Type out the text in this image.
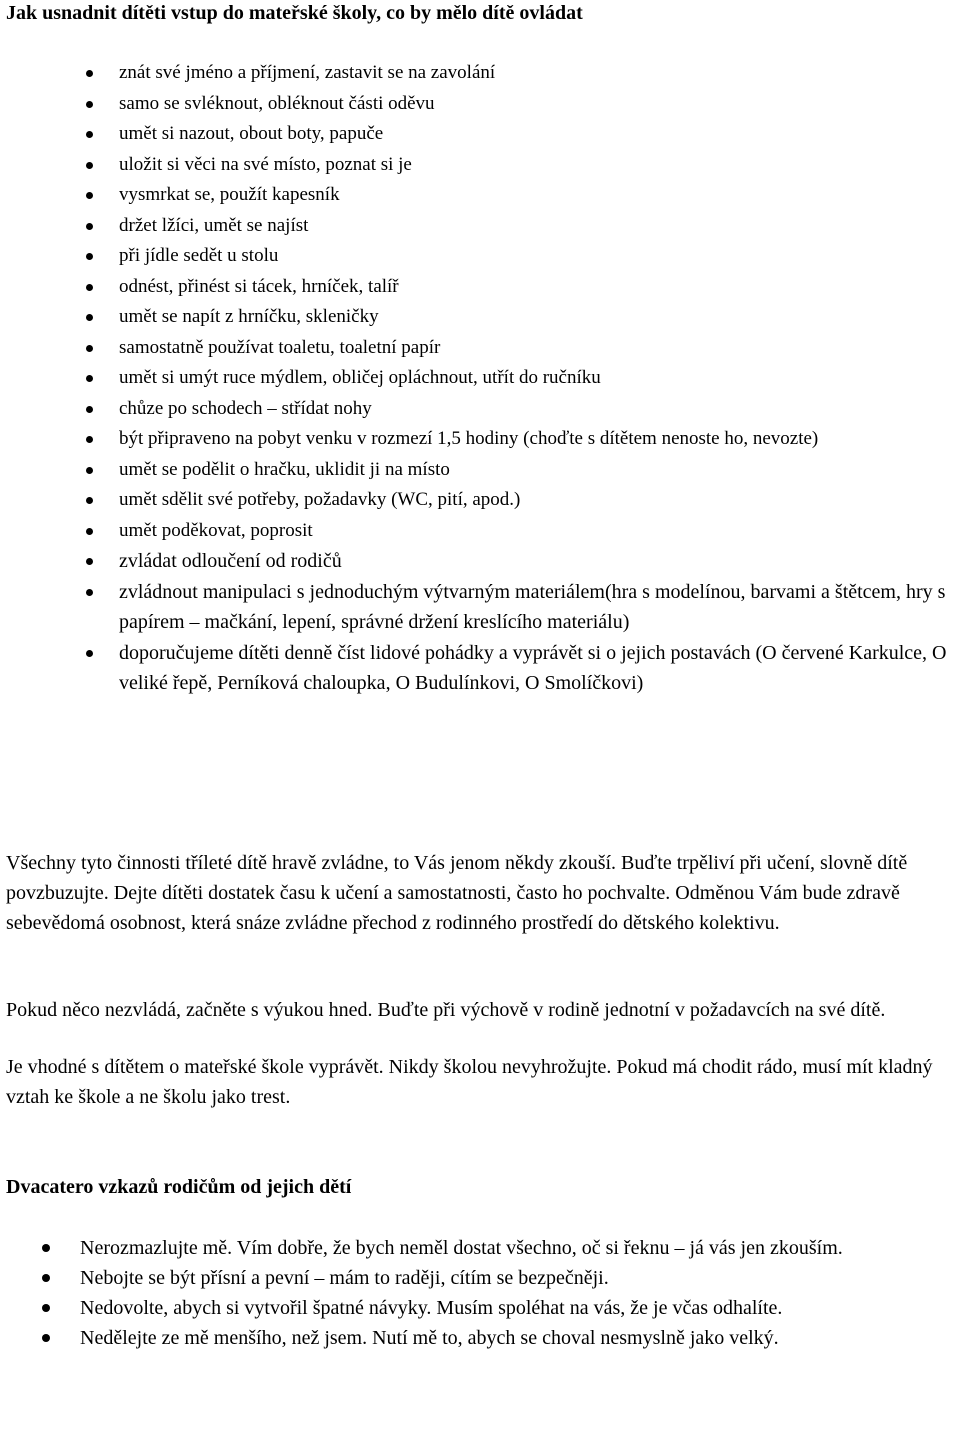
Jak usnadnit dítěti vstup do mateřské školy, co by mělo dítě ovládat
znát své jméno a příjmení, zastavit se na zavolání
samo se svléknout, obléknout části oděvu
umět si nazout, obout boty, papuče
uložit si věci na své místo, poznat si je
vysmrkat se, použít kapesník
držet lžíci, umět se najíst
při jídle sedět u stolu
odnést, přinést si tácek, hrníček, talíř
umět se napít z hrníčku, skleničky
samostatně používat toaletu, toaletní papír
umět si umýt ruce mýdlem, obličej opláchnout, utřít do ručníku
chůze po schodech – střídat nohy
být připraveno na pobyt venku v rozmezí 1,5 hodiny (choďte s dítětem nenoste ho, nevozte)
umět se podělit o hračku, uklidit ji na místo
umět sdělit své potřeby, požadavky (WC, pití, apod.)
umět poděkovat, poprosit
zvládat odloučení od rodičů
zvládnout manipulaci s jednoduchým výtvarným materiálem(hra s modelínou, barvami a štětcem, hry s papírem – mačkání, lepení, správné držení kreslícího materiálu)
doporučujeme dítěti denně číst lidové pohádky a vyprávět si o jejich postavách (O červené Karkulce, O veliké řepě, Perníková chaloupka, O Budulínkovi, O Smolíčkovi)

Všechny tyto činnosti tříleté dítě hravě zvládne, to Vás jenom někdy zkouší. Buďte trpěliví při učení, slovně dítě povzbuzujte. Dejte dítěti dostatek času k učení a samostatnosti, často ho pochvalte. Odměnou Vám bude zdravě sebevědomá osobnost, která snáze zvládne přechod z rodinného prostředí do dětského kolektivu.

Pokud něco nezvládá, začněte s výukou hned. Buďte při výchově v rodině jednotní v požadavcích na své dítě.

Je vhodné s dítětem o mateřské škole vyprávět. Nikdy školou nevyhrožujte. Pokud má chodit rádo, musí mít kladný vztah ke škole a ne školu jako trest.

Dvacatero vzkazů rodičům od jejich dětí
Nerozmazlujte mě. Vím dobře, že bych neměl dostat všechno, oč si řeknu – já vás jen zkouším.
Nebojte se být přísní a pevní – mám to raději, cítím se bezpečněji.
Nedovolte, abych si vytvořil špatné návyky. Musím spoléhat na vás, že je včas odhalíte.
Nedělejte ze mě menšího, než jsem. Nutí mě to, abych se choval nesmyslně jako velký.
